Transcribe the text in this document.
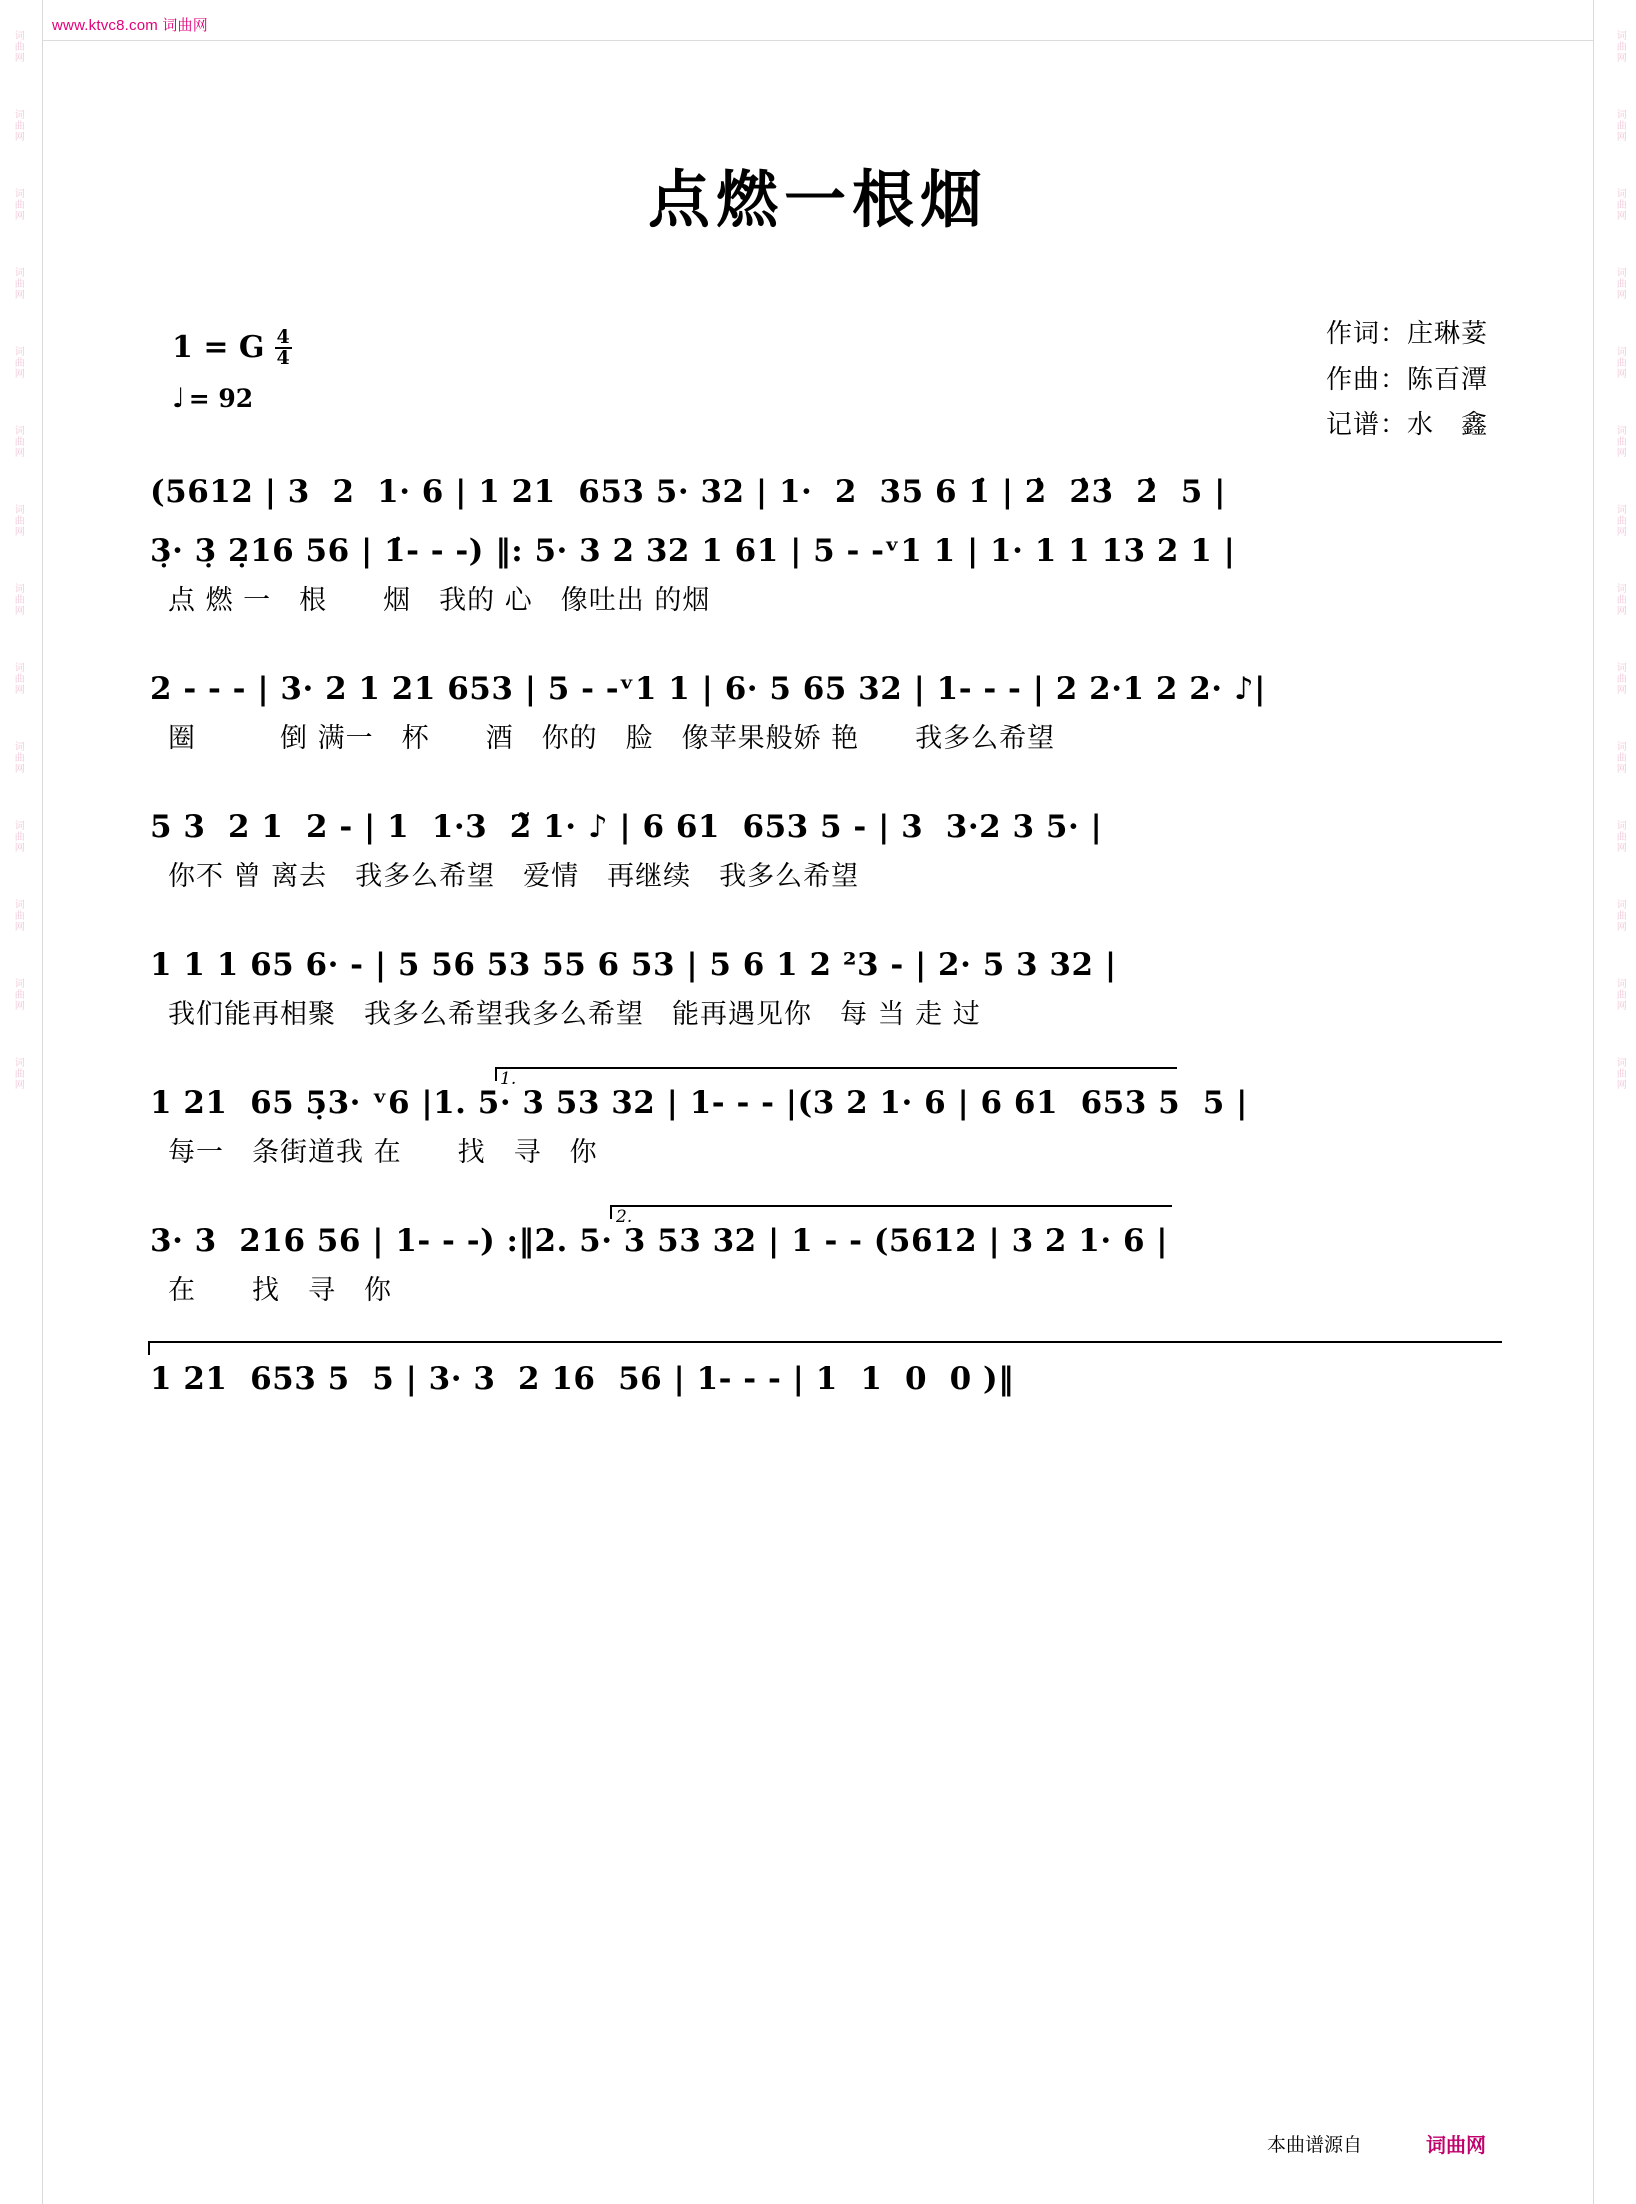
词曲网
词曲网
词曲网
词曲网
词曲网
词曲网
词曲网
词曲网
词曲网
词曲网
词曲网
词曲网
词曲网
词曲网
词曲网
词曲网
词曲网
词曲网
词曲网
词曲网
词曲网
词曲网
词曲网
词曲网
词曲网
词曲网
词曲网
词曲网
www.ktvc8.com 词曲网
点燃一根烟
1 = G $\frac{4}{4}$
♩ = 92
作词：庄琳荽
作曲：陈百潭
记谱：水　鑫
(5612 | 3  2  1· 6 | 1 21  653 5· 32 | 1·  2  35 6 1̇ | 2̇  2̇3̇  2̇  5 |
3̣· 3̣ 2̣16 56 | 1̇- - -) ‖: 5· 3 2 32 1 61 | 5 - -ᵛ1 1 | 1· 1 1 13 2 1 |
点 燃 一　根　　烟　我的 心　像吐出 的烟
2 - - - | 3· 2 1 21 653 | 5 - -ᵛ1 1 | 6· 5 65 32 | 1- - - | 2 2·1 2 2· ♪|
圈　　　倒 满一　杯　　酒　你的　脸　像苹果般娇 艳　　我多么希望
5 3  2 1  2 - | 1  1·3  2̃ 1· ♪ | 6 61  653 5 - | 3  3·2 3 5· |
你不 曾 离去　我多么希望　爱情　再继续　我多么希望
1 1 1 65 6· - | 5 56 53 55 6 53 | 5 6 1 2 ²3 - | 2· 5 3 32 |
我们能再相聚　我多么希望我多么希望　能再遇见你　每 当 走 过
1.
1 21  65 5̣3· ᵛ6 |1. 5· 3 53 32 | 1- - - |(3 2 1· 6 | 6 61  653 5  5 |
每一　条街道我 在　　找　寻　你
2.
3· 3  216 56 | 1- - -) :‖2. 5· 3 53 32 | 1 - - (5612 | 3 2 1· 6 |
在　　找　寻　你
1 21  653 5  5 | 3· 3  2 16  56 | 1- - - | 1  1  0  0 )‖
本曲谱源自	词曲网
